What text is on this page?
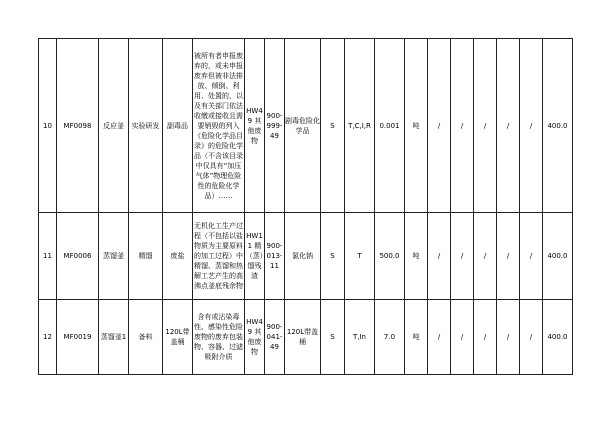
10	MF0098	反应釜	实验研发	副毒品	被所有者申报废弃的，或未申报废弃但被非法排放、倾倒、利用、处置的，以及有关部门依法收缴或接收且需要销毁的列入《危险化学品目录》的危险化学品（不含该目录中仅具有“加压气体”物理危险性的危险化学品）……	HW49 其他废物	900-999-49	剧毒危险化学品	S	T,C,I,R	0.001	吨	/	/	/	/	/	400.0
11	MF0006	蒸馏釜	精馏	废盐	无机化工生产过程（不包括以盐物质为主要原料的加工过程）中精馏、蒸馏和热解工艺产生的高沸点釜底残余物	HW11 精（蒸）馏残渣	900-013-11	氯化钠	S	T	500.0	吨	/	/	/	/	/	400.0
12	MF0019	蒸馏釜1	备料	120L带盖桶	含有或沾染毒性、感染性危险废物的废弃包装物、容器、过滤吸附介质	HW49 其他废物	900-041-49	120L带盖桶	S	T,In	7.0	吨	/	/	/	/	/	400.0
